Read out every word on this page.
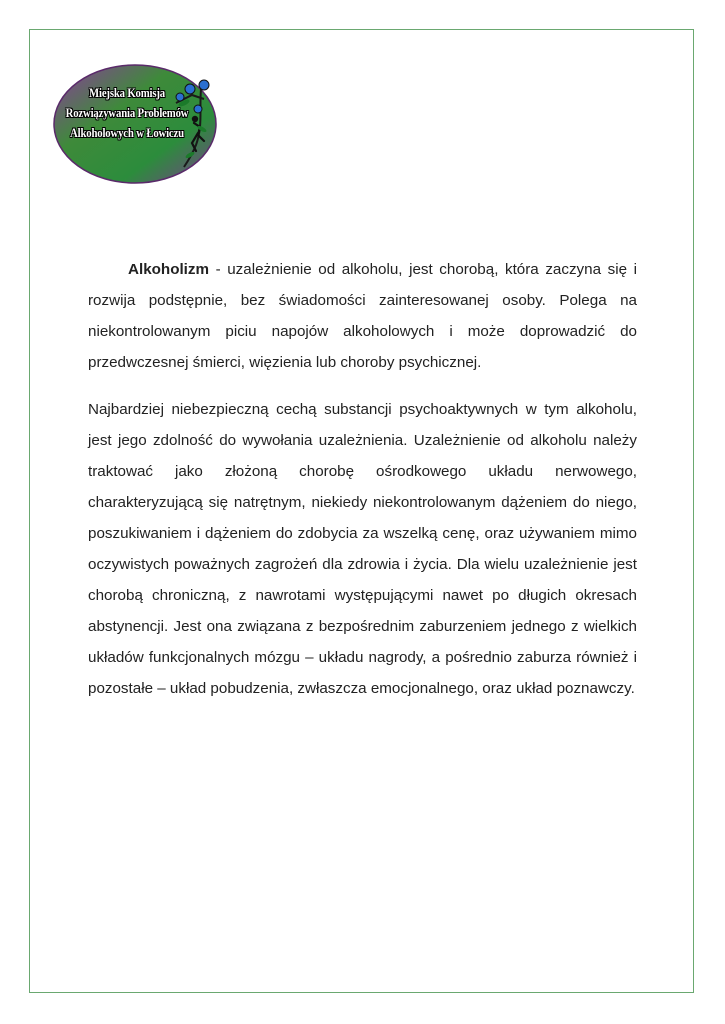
Miejska Komisja
Rozwiązywania Problemów
Alkoholowych w Łowiczu

Alkoholizm - uzależnienie od alkoholu, jest chorobą, która zaczyna się i rozwija podstępnie, bez świadomości zainteresowanej osoby. Polega na niekontrolowanym piciu napojów alkoholowych i może doprowadzić do przedwczesnej śmierci, więzienia lub choroby psychicznej.

Najbardziej niebezpieczną cechą substancji psychoaktywnych w tym alkoholu, jest jego zdolność do wywołania uzależnienia. Uzależnienie od alkoholu należy traktować jako złożoną chorobę ośrodkowego układu nerwowego, charakteryzującą się natrętnym, niekiedy niekontrolowanym dążeniem do niego, poszukiwaniem i dążeniem do zdobycia za wszelką cenę, oraz używaniem mimo oczywistych poważnych zagrożeń dla zdrowia i życia. Dla wielu uzależnienie jest chorobą chroniczną, z nawrotami występującymi nawet po długich okresach abstynencji. Jest ona związana z bezpośrednim zaburzeniem jednego z wielkich układów funkcjonalnych mózgu – układu nagrody, a pośrednio zaburza również i pozostałe – układ pobudzenia, zwłaszcza emocjonalnego, oraz układ poznawczy.
